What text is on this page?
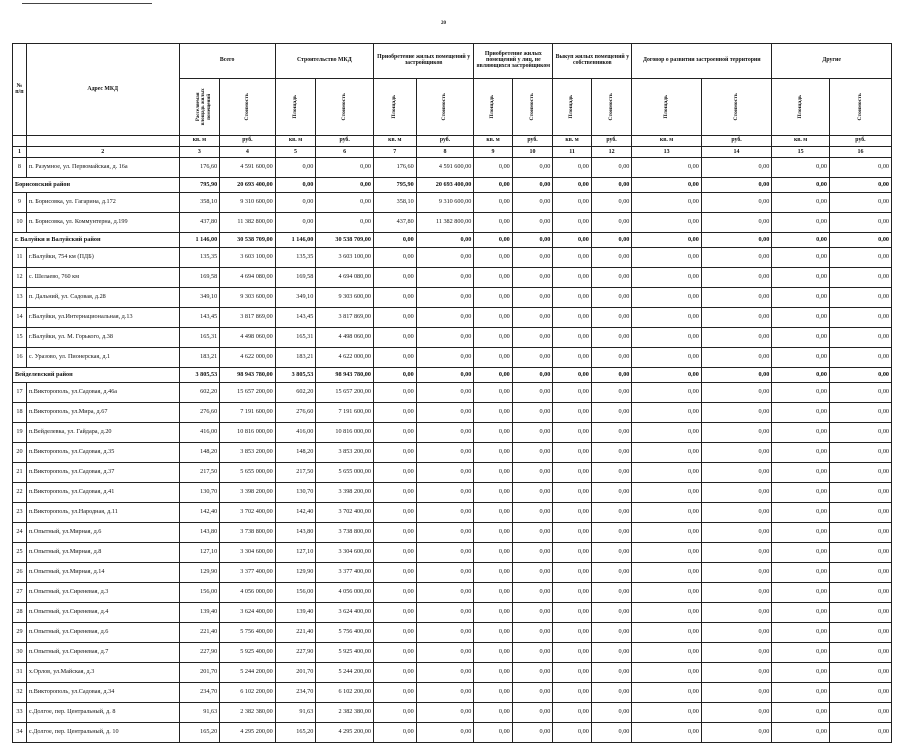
20
№ п/п	Адрес МКД	Всего		Строительство МКД		Приобретение жилых помещений у застройщиков		Приобретение жилых помещений у лиц, не являющихся застройщиком		Выкуп жилых помещений у собственников		Договор о развитии застроенной территории		Другие	
		Расселяемая площадь жилых помещений	Стоимость	Площадь	Стоимость	Площадь	Стоимость	Площадь	Стоимость	Площадь	Стоимость	Площадь	Стоимость	Площадь	Стоимость
		кв. м	руб.	кв. м	руб.	кв. м	руб.	кв. м	руб.	кв. м	руб.	кв. м	руб.	кв. м	руб.
1	2	3	4	5	6	7	8	9	10	11	12	13	14	15	16
8	п. Разумное, ул. Первомайская, д. 16а	176,60	4 591 600,00	0,00	0,00	176,60	4 591 600,00	0,00	0,00	0,00	0,00	0,00	0,00	0,00	0,00
Борисовский район		795,90	20 693 400,00	0,00	0,00	795,90	20 693 400,00	0,00	0,00	0,00	0,00	0,00	0,00	0,00	0,00
9	п. Борисовка, ул. Гагарина, д.172	358,10	9 310 600,00	0,00	0,00	358,10	9 310 600,00	0,00	0,00	0,00	0,00	0,00	0,00	0,00	0,00
10	п. Борисовка, ул. Коммунтерна, д.199	437,80	11 382 800,00	0,00	0,00	437,80	11 382 800,00	0,00	0,00	0,00	0,00	0,00	0,00	0,00	0,00
г. Валуйки и Валуйский район		1 146,00	30 538 709,00	1 146,00	30 538 709,00	0,00	0,00	0,00	0,00	0,00	0,00	0,00	0,00	0,00	0,00
11	г.Валуйки, 754 км (ПДБ)	135,35	3 603 100,00	135,35	3 603 100,00	0,00	0,00	0,00	0,00	0,00	0,00	0,00	0,00	0,00	0,00
12	с. Шелаево, 760 км	169,58	4 694 080,00	169,58	4 694 080,00	0,00	0,00	0,00	0,00	0,00	0,00	0,00	0,00	0,00	0,00
13	п. Дальний, ул. Садовая, д.28	349,10	9 303 600,00	349,10	9 303 600,00	0,00	0,00	0,00	0,00	0,00	0,00	0,00	0,00	0,00	0,00
14	г.Валуйки, ул.Интернациональная, д.13	143,45	3 817 869,00	143,45	3 817 869,00	0,00	0,00	0,00	0,00	0,00	0,00	0,00	0,00	0,00	0,00
15	г.Валуйки, ул. М. Горького, д.38	165,31	4 498 060,00	165,31	4 498 060,00	0,00	0,00	0,00	0,00	0,00	0,00	0,00	0,00	0,00	0,00
16	с. Уразово, ул. Пионерская, д.1	183,21	4 622 000,00	183,21	4 622 000,00	0,00	0,00	0,00	0,00	0,00	0,00	0,00	0,00	0,00	0,00
Вейделевский район		3 805,53	98 943 780,00	3 805,53	98 943 780,00	0,00	0,00	0,00	0,00	0,00	0,00	0,00	0,00	0,00	0,00
17	п.Викторополь, ул.Садовая, д.46а	602,20	15 657 200,00	602,20	15 657 200,00	0,00	0,00	0,00	0,00	0,00	0,00	0,00	0,00	0,00	0,00
18	п.Викторополь, ул.Мира, д.67	276,60	7 191 600,00	276,60	7 191 600,00	0,00	0,00	0,00	0,00	0,00	0,00	0,00	0,00	0,00	0,00
19	п.Вейделевка, ул. Гайдара, д.20	416,00	10 816 000,00	416,00	10 816 000,00	0,00	0,00	0,00	0,00	0,00	0,00	0,00	0,00	0,00	0,00
20	п.Викторополь, ул.Садовая, д.35	148,20	3 853 200,00	148,20	3 853 200,00	0,00	0,00	0,00	0,00	0,00	0,00	0,00	0,00	0,00	0,00
21	п.Викторополь, ул.Садовая, д.37	217,50	5 655 000,00	217,50	5 655 000,00	0,00	0,00	0,00	0,00	0,00	0,00	0,00	0,00	0,00	0,00
22	п.Викторополь, ул.Садовая, д.41	130,70	3 398 200,00	130,70	3 398 200,00	0,00	0,00	0,00	0,00	0,00	0,00	0,00	0,00	0,00	0,00
23	п.Викторополь, ул.Народная, д.11	142,40	3 702 400,00	142,40	3 702 400,00	0,00	0,00	0,00	0,00	0,00	0,00	0,00	0,00	0,00	0,00
24	п.Опытный, ул.Мирная, д.6	143,80	3 738 800,00	143,80	3 738 800,00	0,00	0,00	0,00	0,00	0,00	0,00	0,00	0,00	0,00	0,00
25	п.Опытный, ул.Мирная, д.8	127,10	3 304 600,00	127,10	3 304 600,00	0,00	0,00	0,00	0,00	0,00	0,00	0,00	0,00	0,00	0,00
26	п.Опытный, ул.Мирная, д.14	129,90	3 377 400,00	129,90	3 377 400,00	0,00	0,00	0,00	0,00	0,00	0,00	0,00	0,00	0,00	0,00
27	п.Опытный, ул.Сиреневая, д.3	156,00	4 056 000,00	156,00	4 056 000,00	0,00	0,00	0,00	0,00	0,00	0,00	0,00	0,00	0,00	0,00
28	п.Опытный, ул.Сиреневая, д.4	139,40	3 624 400,00	139,40	3 624 400,00	0,00	0,00	0,00	0,00	0,00	0,00	0,00	0,00	0,00	0,00
29	п.Опытный, ул.Сиреневая, д.6	221,40	5 756 400,00	221,40	5 756 400,00	0,00	0,00	0,00	0,00	0,00	0,00	0,00	0,00	0,00	0,00
30	п.Опытный, ул.Сиреневая, д.7	227,90	5 925 400,00	227,90	5 925 400,00	0,00	0,00	0,00	0,00	0,00	0,00	0,00	0,00	0,00	0,00
31	х.Орлов, ул.Майская, д.3	201,70	5 244 200,00	201,70	5 244 200,00	0,00	0,00	0,00	0,00	0,00	0,00	0,00	0,00	0,00	0,00
32	п.Викторополь, ул.Садовая, д.34	234,70	6 102 200,00	234,70	6 102 200,00	0,00	0,00	0,00	0,00	0,00	0,00	0,00	0,00	0,00	0,00
33	с.Долгое, пер. Центральный, д. 8	91,63	2 382 380,00	91,63	2 382 380,00	0,00	0,00	0,00	0,00	0,00	0,00	0,00	0,00	0,00	0,00
34	с.Долгое, пер. Центральный, д. 10	165,20	4 295 200,00	165,20	4 295 200,00	0,00	0,00	0,00	0,00	0,00	0,00	0,00	0,00	0,00	0,00
